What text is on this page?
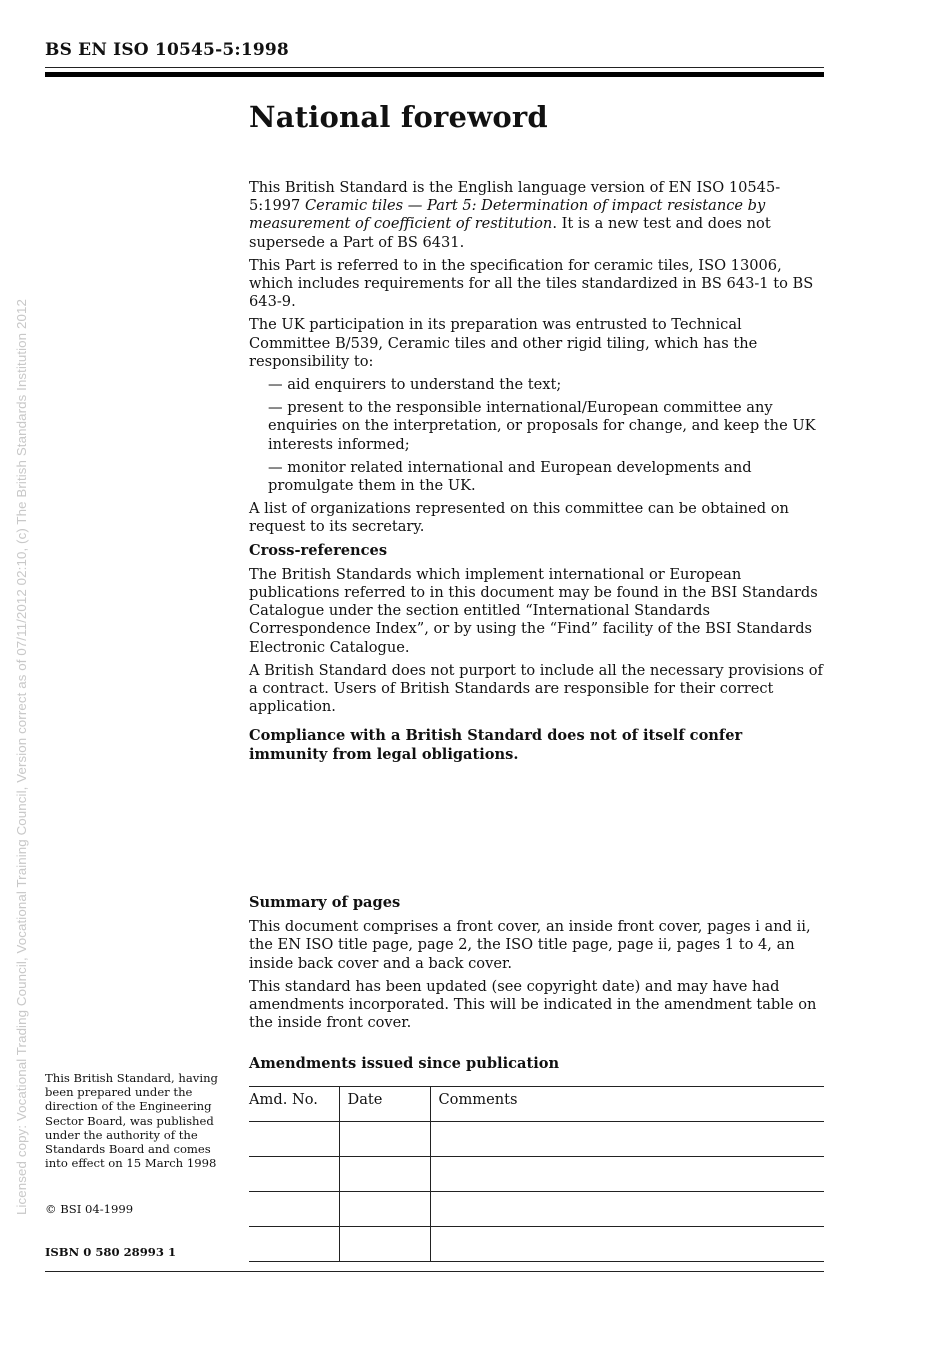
Licensed copy: Vocational Trading Council, Vocational Training Council, Version correct as of 07/11/2012 02:10, (c) The British Standards Institution 2012
BS EN ISO 10545-5:1998
National foreword

This British Standard is the English language version of EN ISO 10545-5:1997 Ceramic tiles — Part 5: Determination of impact resistance by measurement of coefficient of restitution. It is a new test and does not supersede a Part of BS 6431.

This Part is referred to in the specification for ceramic tiles, ISO 13006, which includes requirements for all the tiles standardized in BS 643-1 to BS 643-9.

The UK participation in its preparation was entrusted to Technical Committee B/539, Ceramic tiles and other rigid tiling, which has the responsibility to:

— aid enquirers to understand the text;

— present to the responsible international/European committee any enquiries on the interpretation, or proposals for change, and keep the UK interests informed;

— monitor related international and European developments and promulgate them in the UK.

A list of organizations represented on this committee can be obtained on request to its secretary.

Cross-references

The British Standards which implement international or European publications referred to in this document may be found in the BSI Standards Catalogue under the section entitled “International Standards Correspondence Index”, or by using the “Find” facility of the BSI Standards Electronic Catalogue.

A British Standard does not purport to include all the necessary provisions of a contract. Users of British Standards are responsible for their correct application.

Compliance with a British Standard does not of itself confer immunity from legal obligations.

Summary of pages

This document comprises a front cover, an inside front cover, pages i and ii, the EN ISO title page, page 2, the ISO title page, page ii, pages 1 to 4, an inside back cover and a back cover.

This standard has been updated (see copyright date) and may have had amendments incorporated. This will be indicated in the amendment table on the inside front cover.

Amendments issued since publication
Amd. No.	Date	Comments

This British Standard, having been prepared under the direction of the Engineering Sector Board, was published under the authority of the Standards Board and comes into effect on 15 March 1998
© BSI 04-1999
ISBN 0 580 28993 1
